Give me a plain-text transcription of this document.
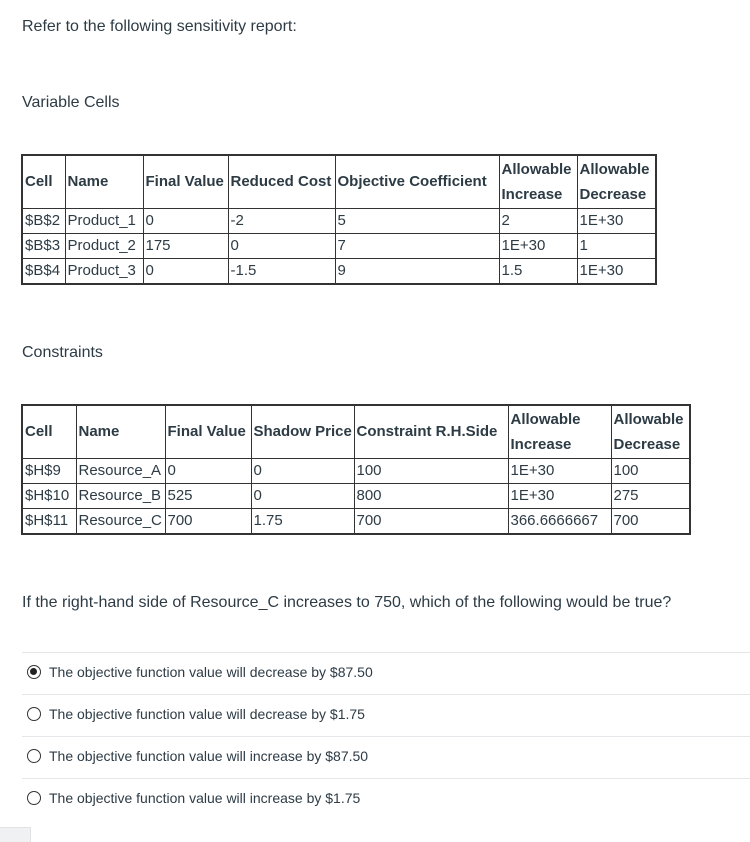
Refer to the following sensitivity report:
Variable Cells
Cell	Name	Final Value	Reduced Cost	Objective Coefficient	Allowable Increase	Allowable Decrease
$B$2	Product_1	0	-2	5	2	1E+30
$B$3	Product_2	175	0	7	1E+30	1
$B$4	Product_3	0	-1.5	9	1.5	1E+30
Constraints
Cell	Name	Final Value	Shadow Price	Constraint R.H.Side	Allowable Increase	Allowable Decrease
$H$9	Resource_A	0	0	100	1E+30	100
$H$10	Resource_B	525	0	800	1E+30	275
$H$11	Resource_C	700	1.75	700	366.6666667	700
If the right-hand side of Resource_C increases to 750, which of the following would be true?
The objective function value will decrease by $87.50
The objective function value will decrease by $1.75
The objective function value will increase by $87.50
The objective function value will increase by $1.75
